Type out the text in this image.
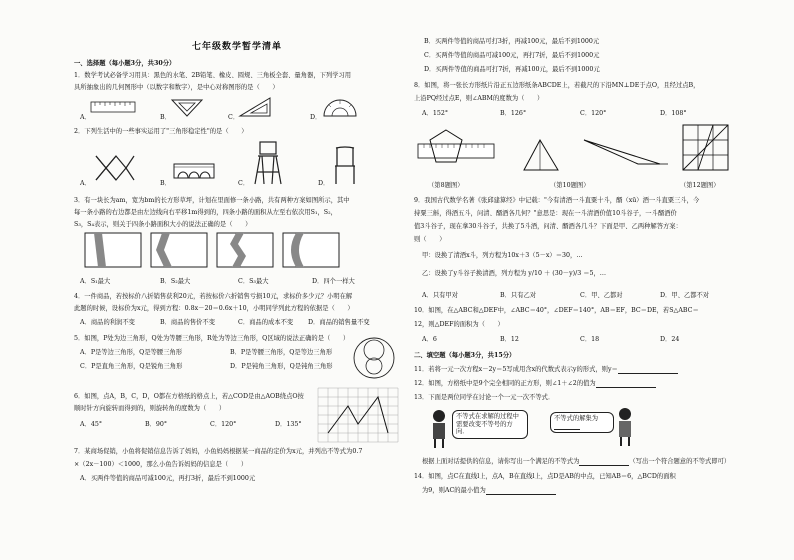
七年级数学暂学清单
一、选择题（每小题3分，共30分）
1．数学考试必备学习用具：黑色的水笔、2B铅笔、橡皮、圆规、三角板全套、量角器，下列学习用
具所抽象出的几何图形中（以数字和数字），是中心对称图形的是（　　）
A．	B．	C．	D．
2．下列生活中的一些事实运用了"三角形稳定性"的是（　　）
A．	B．	C．	D．
3．有一块长为am，宽为bm的长方形草坪，计划在里面修一条小路，共有两种方案如图所示，其中
每一条小路的右边都是由左边线向右平移1m得到的，四条小路的面积从左至右依次用S₁，S₂，
S₃，S₄表示，则关于四条小路面积大小的说法正确的是（　　）
A．S₁最大	B．S₂最大	C．S₃最大	D．四个一样大
4．一件商品，若按标价八折销售获利20元，若按标价六折销售亏损10元，求标价多少元？小明在解
此题的时候，设标价为x元，得到方程：0.8x－20＝0.6x＋10，小明同学列此方程的依据是（　　）
A．商品的利润不变	B．商品的售价不变	C．商品的成本不变 D．商品的销售量不变
5．如图，P处为边三角形，Q处为等腰三角形，R处为等边三角形，Q区域的说法正确的是（　　）
A．P是等边三角形，Q是等腰三角形	B．P是等腰三角形，Q是等边三角形
C．P是直角三角形，Q是锐角三角形	D．P是钝角三角形，Q是钝角三角形
6．如图，点A，B，C，D，O都在方格纸的格点上，若△COD是由△AOB绕点O按
顺时针方向旋转而得到的，则旋转角的度数为（　　）
A．45°	B．90°	C．120°	D．135°
7．某商场促销，小鱼将促销信息告诉了妈妈，小鱼妈妈根据某一商品的定价为x元，并列出不等式为0.7
×（2x－100）＜1000，那么小鱼告诉妈妈的信息是（　　）
A．买两件等值的商品可减100元，再打3折，最后不到1000元
B．买两件等值的商品可打3折，再减100元，最后不到1000元
C．买两件等值的商品可减100元，再打7折，最后不到1000元
D．买两件等值的商品可打7折，再减100元，最后不到1000元
8．如图，将一张长方形纸片沿正五边形纸条ABCDE上，若截尺的下沿MN⊥DE于点O，且经过点B，
上沿PQ经过点E，则∠ABM的度数为（　　）
A．152°	B．126°	C．120°	D．108°
（第8题图）	（第10题图）	（第12题图）
9．我国古代数学名著《张邱建算经》中记载："今有清酒一斗直粟十斗，醑（xū）酒一斗直粟三斗，今
持粟三斛，得酒五斗，问清、醑酒各几何？"意思是：现在一斗清酒价值10斗谷子，一斗醑酒价
值3斗谷子，现在拿30斗谷子，共换了5斗酒，问清、醑酒各几斗？下面是甲、乙两种解答方案：
则（　　）
甲：设换了清酒x斗，列方程为10x＋3（5－x）＝30，…
乙：设换了y斗谷子换清酒，列方程为 y/10 ＋ (30－y)/3 ＝5，…
A．只有甲对	B．只有乙对	C．甲、乙都对	D．甲、乙都不对
10．如图，在△ABC和△DEF中，∠ABC＝40°，∠DEF＝140°，AB＝EF，BC＝DE，若S△ABC＝
12，则△DEF的面积为（　　）
A．6	B．12	C．18	D．24
二、填空题（每小题3分，共15分）
11．若将一元一次方程x－2y＝5写成用含x的代数式表示y的形式，则y＝
12．如图，方格纸中是9个完全相同的正方形，则∠1＋∠2的值为
13．下面是两位同学在讨论一个一元一次不等式．
不等式在求解的过程中需要改变不等号的方向．
不等式的解集为
根据上面对话提供的信息，请你写出一个满足的不等式为	（写出一个符合题意的不等式即可）
14．如图，点C在直线l上，点A，B在直线l上，点D是AB的中点，已知AB＝6，△BCD的面积
为9，则AC的最小值为
